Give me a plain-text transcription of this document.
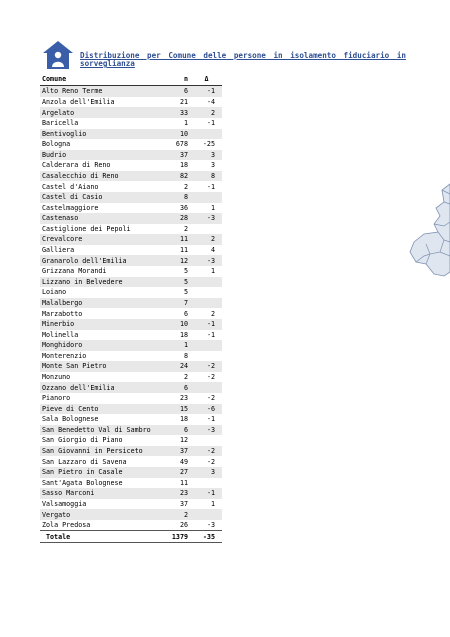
Distribuzione per Comune delle persone in isolamento fiduciario in sorveglianza
Comune	n	Δ
Alto Reno Terme	6	-1
Anzola dell'Emilia	21	-4
Argelato	33	2
Baricella	1	-1
Bentivoglio	10	
Bologna	678	-25
Budrio	37	3
Calderara di Reno	18	3
Casalecchio di Reno	82	8
Castel d'Aiano	2	-1
Castel di Casio	8	
Castelmaggiore	36	1
Castenaso	28	-3
Castiglione dei Pepoli	2	
Crevalcore	11	2
Galliera	11	4
Granarolo dell'Emilia	12	-3
Grizzana Morandi	5	1
Lizzano in Belvedere	5	
Loiano	5	
Malalbergo	7	
Marzabotto	6	2
Minerbio	10	-1
Molinella	18	-1
Monghidoro	1	
Monterenzio	8	
Monte San Pietro	24	-2
Monzuno	2	-2
Ozzano dell'Emilia	6	
Pianoro	23	-2
Pieve di Cento	15	-6
Sala Bolognese	18	-1
San Benedetto Val di Sambro	6	-3
San Giorgio di Piano	12	
San Giovanni in Persiceto	37	-2
San Lazzaro di Savena	49	-2
San Pietro in Casale	27	3
Sant'Agata Bolognese	11	
Sasso Marconi	23	-1
Valsamoggia	37	1
Vergato	2	
Zola Predosa	26	-3
Totale	1379	-35
